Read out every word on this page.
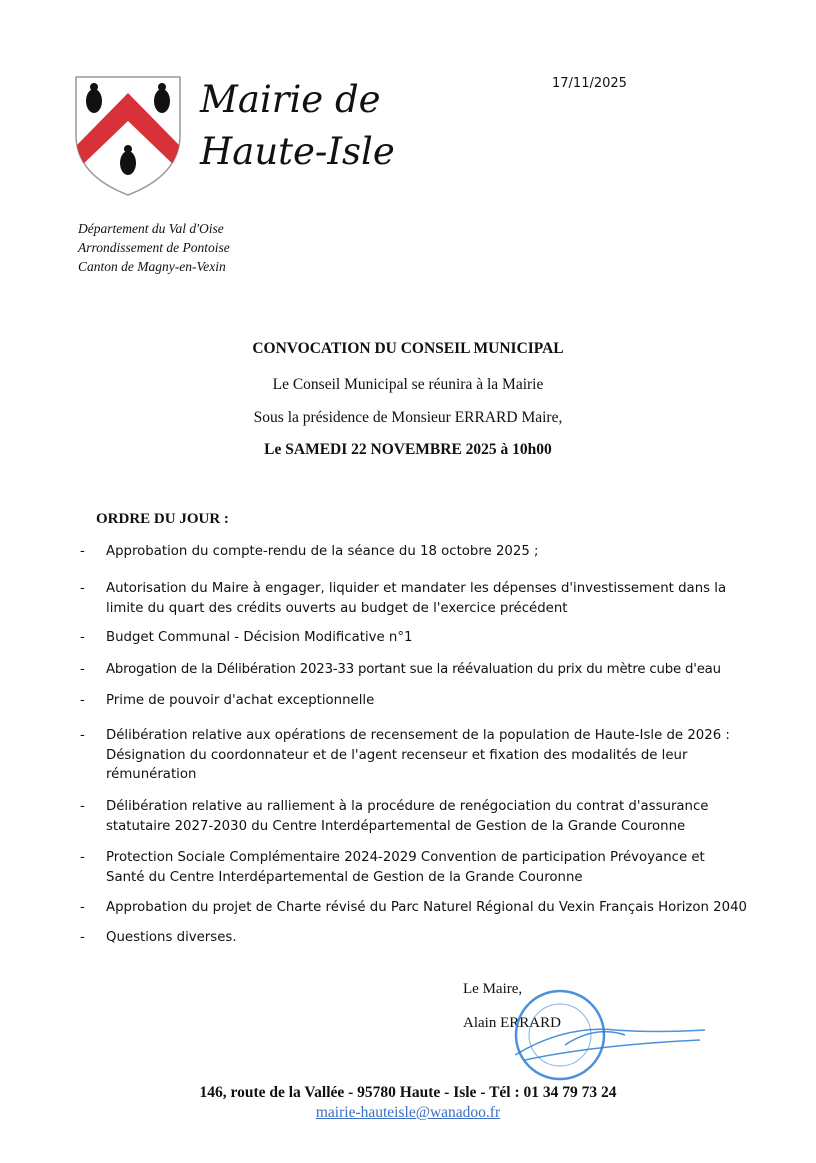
Mairie de
Haute-Isle
17/11/2025
Département du Val d'Oise
Arrondissement de Pontoise
Canton de Magny-en-Vexin
CONVOCATION DU CONSEIL MUNICIPAL
Le Conseil Municipal se réunira à la Mairie
Sous la présidence de Monsieur ERRARD Maire,
Le SAMEDI 22 NOVEMBRE 2025 à 10h00
ORDRE DU JOUR :
- Approbation du compte-rendu de la séance du 18 octobre 2025 ;
- Autorisation du Maire à engager, liquider et mandater les dépenses d'investissement dans la limite du quart des crédits ouverts au budget de l'exercice précédent
- Budget Communal - Décision Modificative n°1
- Abrogation de la Délibération 2023-33 portant sue la réévaluation du prix du mètre cube d'eau
- Prime de pouvoir d'achat exceptionnelle
- Délibération relative aux opérations de recensement de la population de Haute-Isle de 2026 : Désignation du coordonnateur et de l'agent recenseur et fixation des modalités de leur rémunération
- Délibération relative au ralliement à la procédure de renégociation du contrat d'assurance statutaire 2027-2030 du Centre Interdépartemental de Gestion de la Grande Couronne
- Protection Sociale Complémentaire 2024-2029 Convention de participation Prévoyance et Santé du Centre Interdépartemental de Gestion de la Grande Couronne
- Approbation du projet de Charte révisé du Parc Naturel Régional du Vexin Français Horizon 2040
- Questions diverses.
Le Maire,
Alain ERRARD
146, route de la Vallée - 95780 Haute - Isle - Tél : 01 34 79 73 24
mairie-hauteisle@wanadoo.fr
